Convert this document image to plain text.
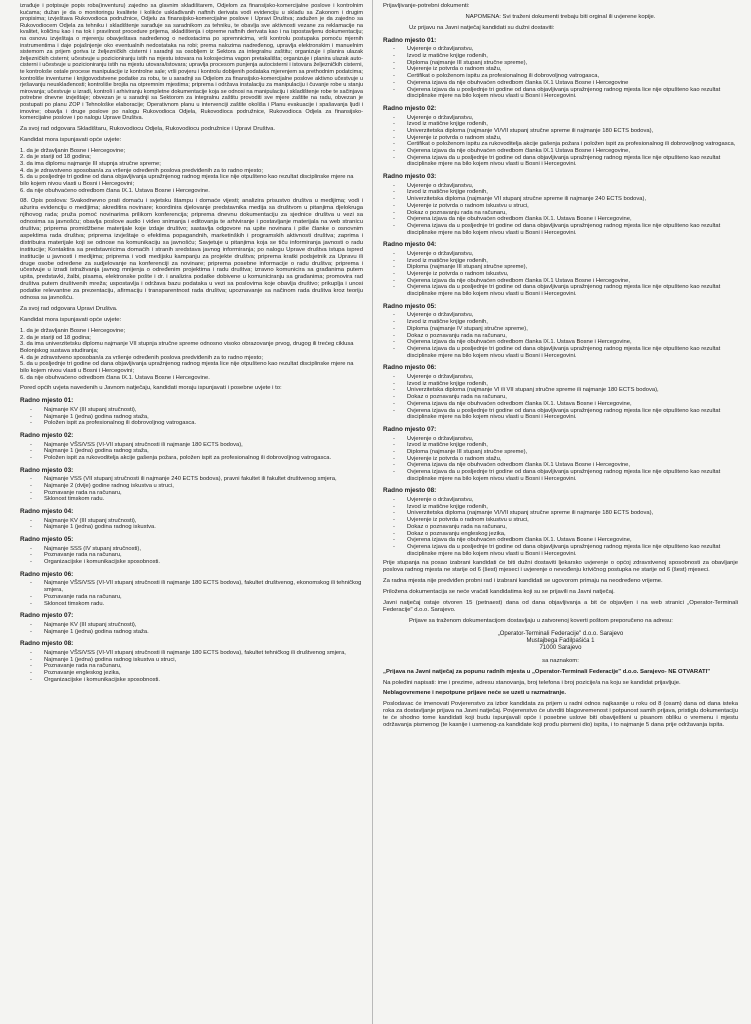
izrađuje i potpisuje popis roba(inventuru) zajedno sa glavnim skladištarem, Odjelom za finansijsko-komercijalne poslove i kontrolnim kućama; dužan je da o monitoringu kvalitete i kolikće usklađivanih naftnih derivata vodi evidenciju u skladu sa Zakonom i drugim propisima; izvještava Rukovodioca podružnice, Odjelu za finansijsko-komercijalne poslove i Upravi Društva; zadužen je da zajedno sa Rukovodiocem Odjela za tehniku i skladištenje sarađuje sa saradnikom za tehniku, te obavlja sve aktivnosti vezane za reklamacije na kvalitet, količinu kao i na tok i pravilnost procedure prijema, skladištenja i otpreme naftnih derivata kao i na ispostavljenu dokumentaciju; na osnovu izvještaja o mjerenju obavještava nadređenog o nedostacima po spremnicima, vrši kontrolu postupaka pomoću mjernih instrumentima i daje pojašnjenje oko eventualnih nedostataka na robi; prema nalozima nadređenog, upravlja elektronskim i manuelnim sistemom za prijem goriva iz željezničkih cisterni i saradnji sa osobljem iz Sektora za integralnu zaštitu; organizuje i planira ulazak željezničkih cisterni; učestvuje u pozicioniranju istih na mjestu istovara na kolosjecima vagon pretakališta; organizuje i planira ulazak auto-cisterni i učestvuje u pozicioniranju istih na mjestu utovara/istovara; upravlja procesom punjenja autocisterni i istovara željezničkih cisterni, te kontrološe ostale procese manipulacije iz kontrolne sale; vrši povjeru i kontrolu dobijenih podataka mjerenjem sa prethodnim podatcima; kontroliše inventurne i knjigovodstvene podatke za robu, te u saradnji sa Odjelom za finansijsko-komercijalne poslove aktivno učestvuje u rješavanju neusklađenosti; kontroliše brojila na otpremnim mjestima; priprema i održava instalaciju za manipulaciju i čuvanje robe u stanju mirovanja; učestvuje u izradi, kontroli i arhiviranju kompletne dokumentacije koja se odnosi na manipulaciju i skladištenje robe te sačinjava potrebne dnevne izvještaje; obvezan je u saradnji sa Sektorom za integralnu zaštitu provoditi sve mjere zaštite na radu, obvezan je postupati po planu ZOP i Tehnološke elaboracije; Operativnom planu u intervenciji zaštite okoliša i Planu evakuacije i spašavanja ljudi i imovine; obavlja i druge poslove po nalogu Rukovodioca Odjela, Rukovodioca podružnice, Rukovodioca Odjela za finansijsko-komercijalne poslove i po nalogu Uprave Društva.

Za svoj rad odgovara Skladištaru, Rukovodiocu Odjela, Rukovodiocu podružnice i Upravi Društva.

Kandidat mora ispunjavati opće uvjete:

1. da je državljanin Bosne i Hercegovine;
2. da je stariji od 18 godina;
3. da ima diplomu najmanje III stupnja stručne spreme;
4. da je zdravstveno sposoban/a za vršenje određenih poslova predviđenih za to radno mjesto;
5. da u posljednje tri godine od dana objavljivanja upražnjenog radnog mjesta lice nije otpušteno kao rezultat disciplinske mjere na bilo kojem nivou vlasti u Bosni i Hercegovini;
6. da nije obuhvaćeno odredbom člana IX.1. Ustava Bosne i Hercegovine.

08. Opis poslova: Svakodnevno prati domaću i svjetsku štampu i domaće vijesti; analizira prisustvo društva u medijima; vodi i ažurira evidenciju o medijima; akreditira novinare; koordinira djelovanje predstavnika medija sa društvom u pitanjima djelokruga njihovog rada; pruža pomoć novinarima prilikom konferencija; priprema dnevnu dokumentaciju za sjednice društva u vezi sa odnosima sa javnošću; obavlja poslove audio i video snimanja i editovanja te arhiviranje i postavljanje materijala na web stranicu društva; priprema promidžbene materijale koje izdaje društvo; sastavlja odgovore na upite novinara i piše članke o osnovnim aspektima rada društva; priprema izvještaje o efektima popagandnih, marketinških i programskih aktivnosti društva; zaprima i distribuira materijale koji se odnose na komunikaciju sa javnošću; Savjetuje u pitanjima koja se tiču informiranja javnosti o radu institucije; Kontaktira sa predstavnicima domaćih i stranih sredstava javnog informiranja; po nalogu Uprave društva istupa ispred institucije u javnosti i medijima; priprema i vodi medijsku kampanju za projekte društva; priprema kratki podsjetnik za Upravu ili druge osobe određene za sudjelovanje na konferenciji za novinare; priprema posebne informacije o radu društva; priprema i učestvuje u izradi istraživanja javnog mnijenja o određenim projektima i radu društva; izravno komunicira sa građanima putem upita, predstavki, žalbi, pisama, elektronske pošte i dr. i analizira podatke dobivene u komuniciranju sa građanima; promovira rad društva putem društvenih mreža; uspostavlja i održava bazu podataka u vezi sa poslovima koje obavlja društvo; prikuplja i unosi podatke relevantne za prezentaciju, afirmaciju i transparentnost rada društva; upoznavanje sa načinom rada društva kroz teoriju odnosa sa javnošću.

Za svoj rad odgovara Upravi Društva.

Kandidat mora ispunjavati opće uvjete:

1. da je državljanin Bosne i Hercegovine;
2. da je stariji od 18 godina;
3. da ima univerzitetsku diplomu najmanje VII stupnja stručne spreme odnosno visoko obrazovanje prvog, drugog ili trećeg ciklusa Bolonjskog sustava studiranja;
4. da je zdravstveno sposoban/a za vršenje određenih poslova predviđenih za to radno mjesto;
5. da u posljednje tri godine od dana objavljivanja upražnjenog radnog mjesta lice nije otpušteno kao rezultat disciplinske mjere na bilo kojem nivou vlasti u Bosni i Hercegovini;
6. da nije obuhvaćeno odredbom člana IX.1. Ustava Bosne i Hercegovine.

Pored općih uvjeta navedenih u Javnom natječaju, kandidati moraju ispunjavati i posebne uvjete i to:

Radno mjesto 01:
- Najmanje KV (III stupanj stručnosti),
- Najmanje 1 (jedna) godina radnog staža,
- Položen ispit za profesionalnog ili dobrovoljnog vatrogasca.
Radno mjesto 02:
- Najmanje VŠS/VSS (VI-VII stupanj stručnosti ili najmanje 180 ECTS bodova),
- Najmanje 1 (jedna) godina radnog staža,
- Položen ispit za rukovoditelja akcije gašenja požara, položen ispit za profesionalnog ili dobrovoljnog vatrogasca.
Radno mjesto 03:
- Najmanje VSS (VII stupanj stručnosti ili najmanje 240 ECTS bodova), pravni fakultet ili fakultet društvenog smjera,
- Najmanje 2 (dvije) godine radnog iskustva u struci,
- Poznavanje rada na računaru,
- Sklonost timskom radu.
Radno mjesto 04:
- Najmanje KV (III stupanj stručnosti),
- Najmanje 1 (jedna) godina radnog iskustva.
Radno mjesto 05:
- Najmanje SSS (IV stupanj stručnosti),
- Poznavanje rada na računaru,
- Organizacijske i komunikacijske sposobnosti.
Radno mjesto 06:
- Najmanje VŠS/VSS (VI-VII stupanj stručnosti ili najmanje 180 ECTS bodova), fakultet društvenog, ekonomskog ili tehničkog smjera,
- Poznavanje rada na računaru,
- Sklonost timskom radu.
Radno mjesto 07:
- Najmanje KV (III stupanj stručnosti),
- Najmanje 1 (jedna) godina radnog staža.
Radno mjesto 08:
- Najmanje VŠS/VSS (VI-VII stupanj stručnosti ili najmanje 180 ECTS bodova), fakultet tehničkog ili društvenog smjera,
- Najmanje 1 (jedna) godina radnog iskustva u struci,
- Poznavanje rada na računaru,
- Poznavanje engleskog jezika,
- Organizacijske i komunikacijske sposobnosti.

Prijavljivanje-potrebni dokumenti:

NAPOMENA: Svi traženi dokumenti trebaju biti orginal ili uvjerene kopije.

Uz prijavu na Javni natječaj kandidati su dužni dostaviti:

Radno mjesto 01:
- Uvjerenje o državljanstvu,
- Izvod iz matične knjige rođenih,
- Diploma (najmanje III stupanj stručne spreme),
- Uvjerenje iz potvrda o radnom stažu,
- Certifikat o položenom ispitu za profesionalnog ili dobrovoljnog vatrogasca,
- Ovjerena izjava da nije obuhvaćen odredbom članka IX.1 Ustava Bosne i Hercegovine
- Ovjerena izjava da u posljednje tri godine od dana objavljivanja upražnjenog radnog mjesta lice nije otpušteno kao rezultat disciplinske mjere na bilo kojem nivou vlasti u Bosni i Hercegovini.
Radno mjesto 02:
- Uvjerenje o državljanstvu,
- Izvod iz matične knjige rođenih,
- Univerzitetska diploma (najmanje VI/VII stupanj stručne spreme ili najmanje 180 ECTS bodova),
- Uvjerenje iz potvrda o radnom stažu,
- Certifikat o položenom ispitu za rukovoditelja akcije gašenja požara i položen ispit za profesionalnog ili dobrovoljnog vatrogasca,
- Ovjerena izjava da nije obuhvaćen odredbom članka IX.1 Ustava Bosne i Hercegovine,
- Ovjerena izjava da u posljednje tri godine od dana objavljivanja upražnjenog radnog mjesta lice nije otpušteno kao rezultat disciplinske mjere na bilo kojem nivou vlasti u Bosni i Hercegovini.
Radno mjesto 03:
- Uvjerenje o državljanstvu,
- Izvod iz matične knjige rođenih,
- Univerzitetska diploma (najmanje VII stupanj stručne spreme ili najmanje 240 ECTS bodova),
- Uvjerenje iz potvrda o radnom iskustvu u struci,
- Dokaz o poznavanju rada na računaru,
- Ovjerena izjava da nije obuhvaćen odredbom članka IX.1. Ustava Bosne i Hercegovine,
- Ovjerena izjava da u posljednje tri godine od dana objavljivanja upražnjenog radnog mjesta lice nije otpušteno kao rezultat disciplinske mjere na bilo kojem nivou vlasti u Bosni i Hercegovini.
Radno mjesto 04:
- Uvjerenje o državljanstvu,
- Izvod iz matične knjige rođenih,
- Diploma (najmanje III stupanj stručne spreme),
- Uvjerenje iz potvrda o radnom iskustvu,
- Ovjerena izjava da nije obuhvaćen odredbom članka IX.1 Ustava Bosne i Hercegovine,
- Ovjerena izjava da u posljednje tri godine od dana objavljivanja upražnjenog radnog mjesta lice nije otpušteno kao rezultat disciplinske mjere na bilo kojem nivou vlasti u Bosni i Hercegovini.
Radno mjesto 05:
- Uvjerenje o državljanstvu,
- Izvod iz matične knjige rođenih,
- Diploma (najmanje IV stupanj stručne spreme),
- Dokaz o poznavanju rada na računaru,
- Ovjerena izjava da nije obuhvaćen odredbom članka IX.1. Ustava Bosne i Hercegovine,
- Ovjerena izjava da u posljednje tri godine od dana objavljivanja upražnjenog radnog mjesta lice nije otpušteno kao rezultat disciplinske mjere na bilo kojem nivou vlasti u Bosni i Hercegovini.
Radno mjesto 06:
- Uvjerenje o državljanstvu,
- Izvod iz matične knjige rođenih,
- Univerzitetska diploma (najmanje VI ili VII stupanj stručne spreme ili najmanje 180 ECTS bodova),
- Dokaz o poznavanju rada na računaru,
- Ovjerena izjava da nije obuhvaćen odredbom članka IX.1. Ustava Bosne i Hercegovine,
- Ovjerena izjava da u posljednje tri godine od dana objavljivanja upražnjenog radnog mjesta lice nije otpušteno kao rezultat disciplinske mjere na bilo kojem nivou vlasti u Bosni i Hercegovini.
Radno mjesto 07:
- Uvjerenje o državljanstvu,
- Izvod iz matične knjige rođenih,
- Diploma (najmanje III stupanj stručne spreme),
- Uvjerenje iz potvrda o radnom stažu,
- Ovjerena izjava da nije obuhvaćen odredbom članka IX.1 Ustava Bosne i Hercegovine,
- Ovjerena izjava da u posljednje tri godine od dana objavljivanja upražnjenog radnog mjesta lice nije otpušteno kao rezultat disciplinske mjere na bilo kojem nivou vlasti u Bosni i Hercegovini.
Radno mjesto 08:
- Uvjerenje o državljanstvu,
- Izvod iz matične knjige rođenih,
- Univerzitetska diploma (najmanje VI/VII stupanj stručne spreme ili najmanje 180 ECTS bodova),
- Uvjerenje iz potvrda o radnom iskustvu u struci,
- Dokaz o poznavanju rada na računaru,
- Dokaz o poznavanju engleskog jezika,
- Ovjerena izjava da nije obuhvaćen odredbom članka IX.1. Ustava Bosne i Hercegovine,
- Ovjerena izjava da u posljednje tri godine od dana objavljivanja upražnjenog radnog mjesta lice nije otpušteno kao rezultat disciplinske mjere na bilo kojem nivou vlasti u Bosni i Hercegovini.

Prije stupanja na posao izabrani kandidati će biti dužni dostaviti ljekarsko uvjerenje o općoj zdravstvenoj sposobnosti za obavljanje poslova radnog mjesta ne starije od 6 (šest) mjeseci i uvjerenje o nevođenju krivičnog postupka ne starije od 6 (šest) mjeseci.

Za radna mjesta nije predviđen probni rad i izabrani kandidati se ugovorom primaju na neodređeno vrijeme.

Priložena dokumentacija se neće vraćati kandidatima koji su se prijavili na Javni natječaj.

Javni natječaj ostaje otvoren 15 (petnaest) dana od dana objavljivanja a bit će objavljen i na web stranici „Operator-Terminali Federacije" d.o.o. Sarajevo.

Prijave sa traženom dokumentacijom dostavljaju u zatvorenoj koverti poštom preporučeno na adresu:

„Operator-Terminali Federacije" d.o.o. Sarajevo
Mustajbega Fadilpašića 1
71000 Sarajevo

sa naznakom:

„Prijava na Javni natječaj za popunu radnih mjesta u „Operator-Terminali Federacije" d.o.o. Sarajevo- NE OTVARATI"

Na poleđini napisati: ime i prezime, adresu stanovanja, broj telefona i broj pozicije/a na koju se kandidat prijavljuje.

Neblagovremene i nepotpune prijave neće se uzeti u razmatranje.

Poslodavac će imenovati Povjerenstvo za izbor kandidata za prijem u radni odnos najkasnije u roku od 8 (osam) dana od dana isteka roka za dostavljanje prijava na Javni natječaj. Povjerenstvo će utvrditi blagovremenost i potpunost samih prijava, pristiglu dokumentaciju te će shodno tome kandidati koji budu ispunjavali opće i posebne uslove biti obaviješteni u pisanom obliku o vremenu i mjestu održavanja pismenog (te kasnije i usmenog-za kandidate koji prođu pismeni dio) ispita, i to najmanje 5 dana prije održavanja ispita.
